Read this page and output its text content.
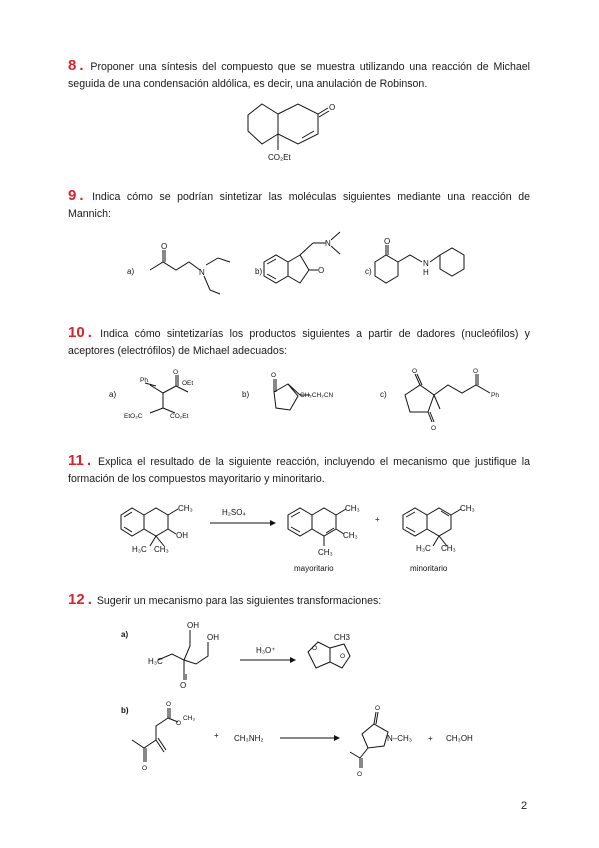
8 . Proponer una síntesis del compuesto que se muestra utilizando una reacción de Michael seguida de una condensación aldólica, es decir, una anulación de Robinson.
9 . Indica cómo se podrían sintetizar las moléculas siguientes mediante una reacción de Mannich:
10 . Indica cómo sintetizarías los productos siguientes a partir de dadores (nucleófilos) y aceptores (electrófilos) de Michael adecuados:
11 . Explica el resultado de la siguiente reacción, incluyendo el mecanismo que justifique la formación de los compuestos mayoritario y minoritario.
12 . Sugerir un mecanismo para las siguientes transformaciones:
O
CO₂Et
a)
O
N	b)	O
N
c)
O
N
H
a)
Ph	OEt
O
EtO₂C	CO₂Et
b)
O
CH₂CH₂CN	c)
O
O
O
Ph
CH₃
OH
H₃C CH₃
H₂SO₄	CH₃
CH₃
CH₃
+
CH₃
H₃C CH₃
mayoritario	minoritario
a)
OH
OH
H₃C
O
H₃O⁺	O
O
CH3
b)
O
O
CH₃
O
+ CH₃NH₂
O
N–CH₃
O
+ CH₃OH
2
